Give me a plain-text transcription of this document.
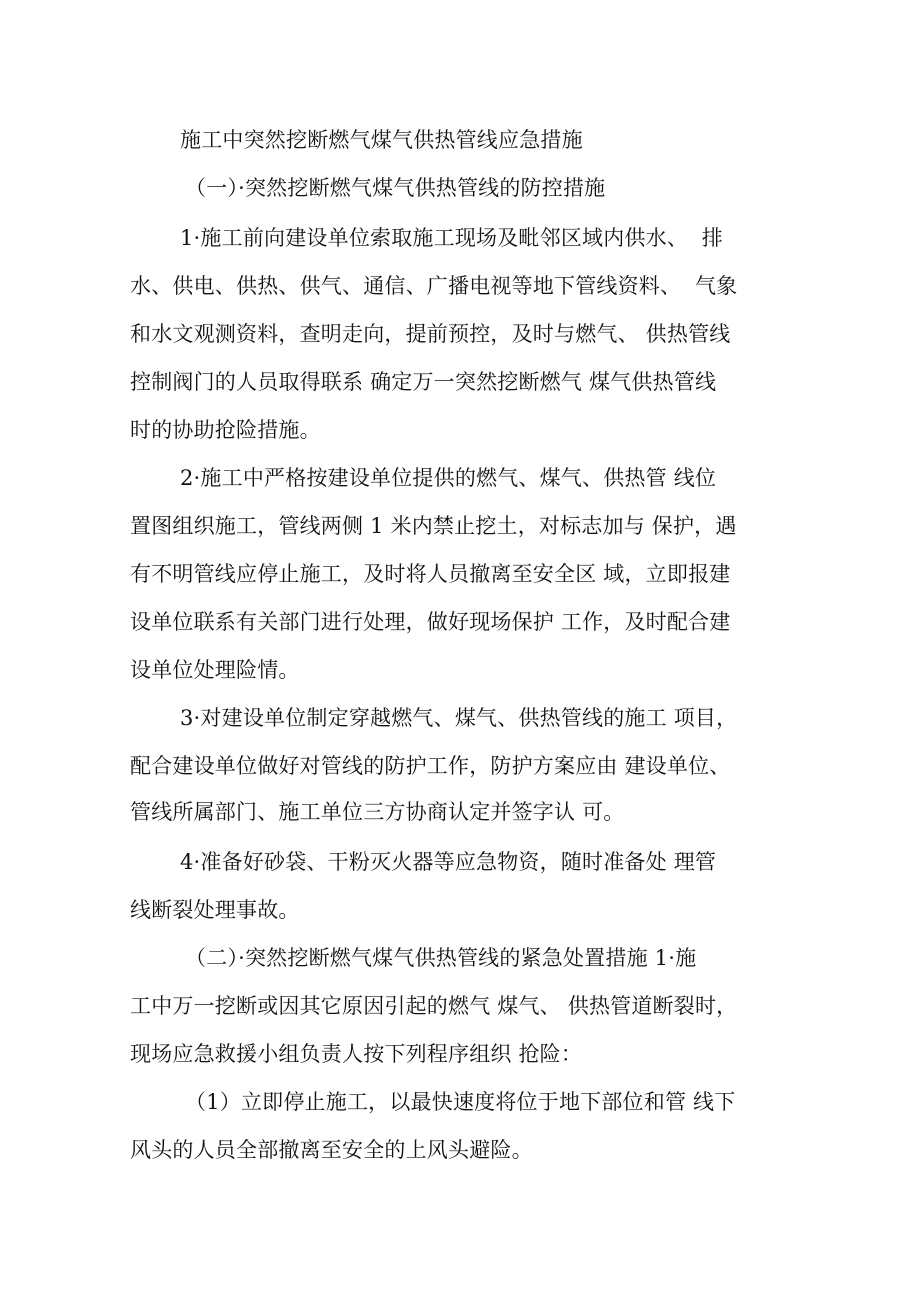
施工中突然挖断燃气煤气供热管线应急措施
（一）·突然挖断燃气煤气供热管线的防控措施
1·施工前向建设单位索取施工现场及毗邻区域内供水、  排
水、供电、供热、供气、通信、广播电视等地下管线资料、  气象
和水文观测资料，查明走向，提前预控，及时与燃气、 供热管线
控制阀门的人员取得联系 确定万一突然挖断燃气 煤气供热管线
时的协助抢险措施。
2·施工中严格按建设单位提供的燃气、煤气、供热管 线位
置图组织施工，管线两侧 1 米内禁止挖土，对标志加与 保护，遇
有不明管线应停止施工，及时将人员撤离至安全区 域，立即报建
设单位联系有关部门进行处理，做好现场保护 工作，及时配合建
设单位处理险情。
3·对建设单位制定穿越燃气、煤气、供热管线的施工 项目，
配合建设单位做好对管线的防护工作，防护方案应由 建设单位、
管线所属部门、施工单位三方协商认定并签字认 可。
4·准备好砂袋、干粉灭火器等应急物资，随时准备处 理管
线断裂处理事故。
（二）·突然挖断燃气煤气供热管线的紧急处置措施 1·施
工中万一挖断或因其它原因引起的燃气 煤气、 供热管道断裂时，
现场应急救援小组负责人按下列程序组织 抢险：
（1）立即停止施工，以最快速度将位于地下部位和管 线下
风头的人员全部撤离至安全的上风头避险。
